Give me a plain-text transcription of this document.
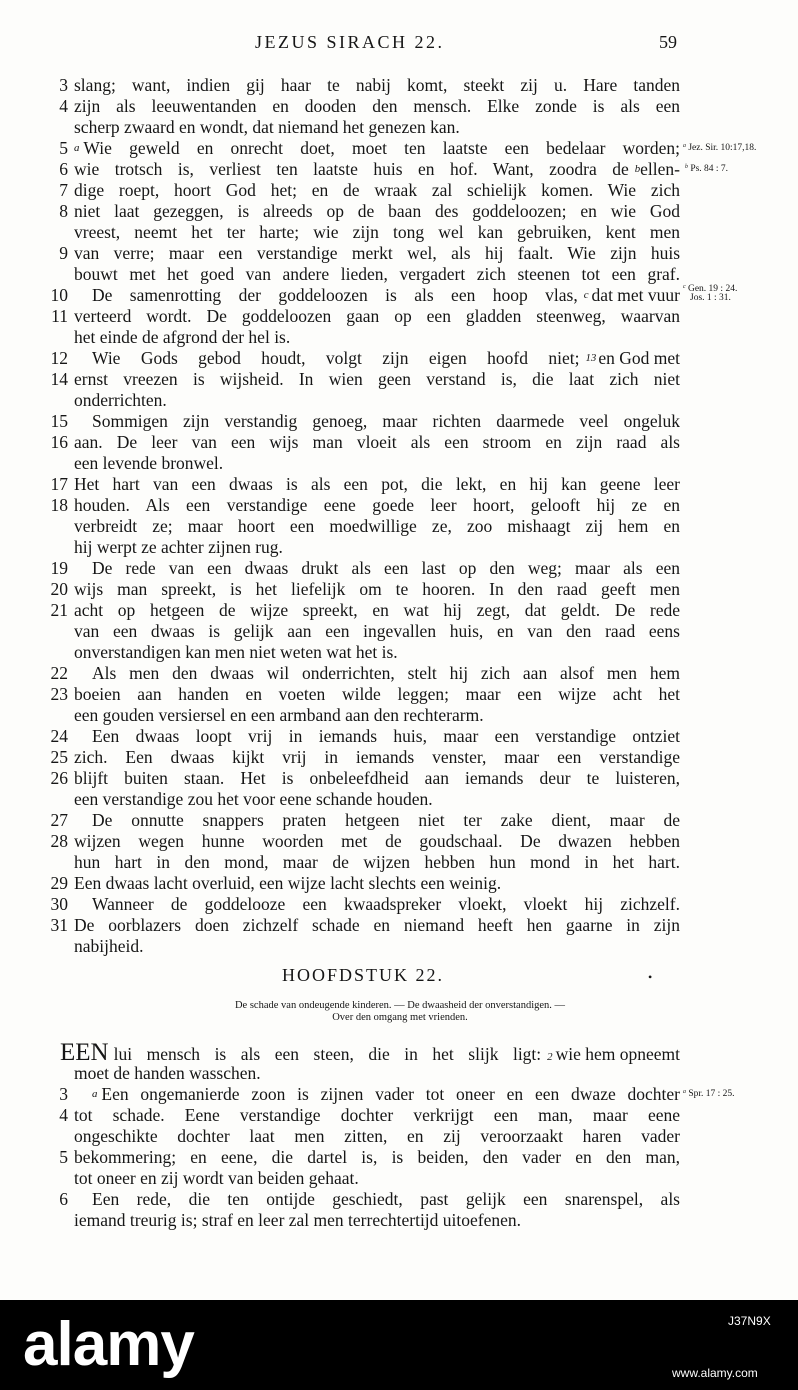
JEZUS SIRACH 22.	59
3 slang; want, indien gij haar te nabij komt, steekt zij u. Hare tanden
4 zijn als leeuwentanden en dooden den mensch. Elke zonde is als een
scherp zwaard en wondt, dat niemand het genezen kan.
5 a Wie geweld en onrecht doet, moet ten laatste een bedelaar worden;
6 wie trotsch is, verliest ten laatste huis en hof. Want, zoodra de b ellen-
7 dige roept, hoort God het; en de wraak zal schielijk komen. Wie zich
8 niet laat gezeggen, is alreeds op de baan des goddeloozen; en wie God
vreest, neemt het ter harte; wie zijn tong wel kan gebruiken, kent men
9 van verre; maar een verstandige merkt wel, als hij faalt. Wie zijn huis
bouwt met het goed van andere lieden, vergadert zich steenen tot een graf.
10 De samenrotting der goddeloozen is als een hoop vlas, c dat met vuur
11 verteerd wordt. De goddeloozen gaan op een gladden steenweg, waarvan
het einde de afgrond der hel is.
12 Wie Gods gebod houdt, volgt zijn eigen hoofd niet; 13 en God met
14 ernst vreezen is wijsheid. In wien geen verstand is, die laat zich niet
onderrichten.
15 Sommigen zijn verstandig genoeg, maar richten daarmede veel ongeluk
16 aan. De leer van een wijs man vloeit als een stroom en zijn raad als
een levende bronwel.
17 Het hart van een dwaas is als een pot, die lekt, en hij kan geene leer
18 houden. Als een verstandige eene goede leer hoort, gelooft hij ze en
verbreidt ze; maar hoort een moedwillige ze, zoo mishaagt zij hem en
hij werpt ze achter zijnen rug.
19 De rede van een dwaas drukt als een last op den weg; maar als een
20 wijs man spreekt, is het liefelijk om te hooren. In den raad geeft men
21 acht op hetgeen de wijze spreekt, en wat hij zegt, dat geldt. De rede
van een dwaas is gelijk aan een ingevallen huis, en van den raad eens
onverstandigen kan men niet weten wat het is.
22 Als men den dwaas wil onderrichten, stelt hij zich aan alsof men hem
23 boeien aan handen en voeten wilde leggen; maar een wijze acht het
een gouden versiersel en een armband aan den rechterarm.
24 Een dwaas loopt vrij in iemands huis, maar een verstandige ontziet
25 zich. Een dwaas kijkt vrij in iemands venster, maar een verstandige
26 blijft buiten staan. Het is onbeleefdheid aan iemands deur te luisteren,
een verstandige zou het voor eene schande houden.
27 De onnutte snappers praten hetgeen niet ter zake dient, maar de
28 wijzen wegen hunne woorden met de goudschaal. De dwazen hebben
hun hart in den mond, maar de wijzen hebben hun mond in het hart.
29 Een dwaas lacht overluid, een wijze lacht slechts een weinig.
30 Wanneer de goddelooze een kwaadspreker vloekt, vloekt hij zichzelf.
31 De oorblazers doen zichzelf schade en niemand heeft hen gaarne in zijn
nabijheid.
$^a$ Jez. Sir. 10:17,18.
$^b$ Ps. 84 : 7.
$^c$ Gen. 19 : 24.
Jos. 1 : 31.
HOOFDSTUK 22.	•
De schade van ondeugende kinderen. — De dwaasheid der onverstandigen. —
Over den omgang met vrienden.
EEN lui mensch is als een steen, die in het slijk ligt: 2 wie hem opneemt
moet de handen wasschen.
3 a Een ongemanierde zoon is zijnen vader tot oneer en een dwaze dochter $^a$ Spr. 17 : 25.
4 tot schade. Eene verstandige dochter verkrijgt een man, maar eene
ongeschikte dochter laat men zitten, en zij veroorzaakt haren vader
5 bekommering; en eene, die dartel is, is beiden, den vader en den man,
tot oneer en zij wordt van beiden gehaat.
6 Een rede, die ten ontijde geschiedt, past gelijk een snarenspel, als
iemand treurig is; straf en leer zal men terrechtertijd uitoefenen.
alamy	J37N9X
www.alamy.com
